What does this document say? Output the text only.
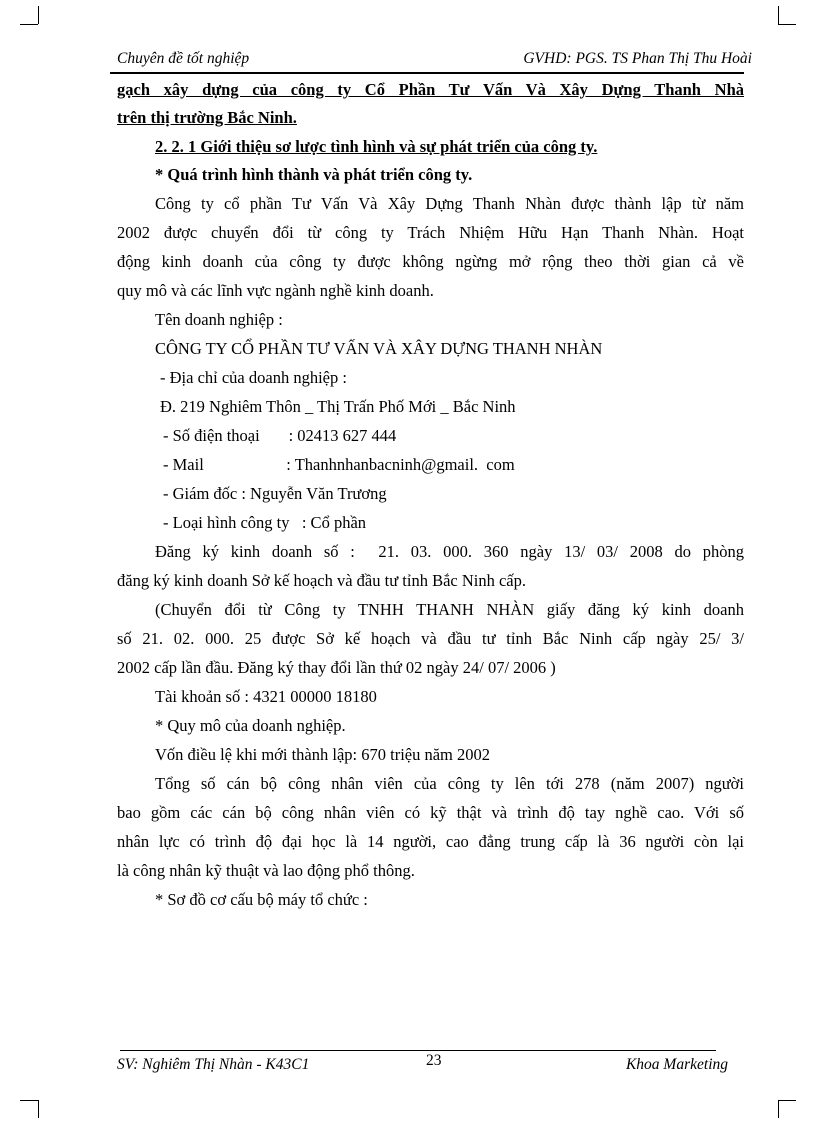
Chuyên đề tốt nghiệp	GVHD: PGS. TS Phan Thị Thu Hoài
gạch xây dựng của công ty Cổ Phần Tư Vấn Và Xây Dựng Thanh Nhà
trên thị trường Bắc Ninh.
2. 2. 1 Giới thiệu sơ lược tình hình và sự phát triển của công ty.
* Quá trình hình thành và phát triển công ty.
Công ty cổ phần Tư Vấn Và Xây Dựng Thanh Nhàn được thành lập từ năm
2002 được chuyển đổi từ công ty Trách Nhiệm Hữu Hạn Thanh Nhàn. Hoạt
động kinh doanh của công ty được không ngừng mở rộng theo thời gian cả về
quy mô và các lĩnh vực ngành nghề kinh doanh.
Tên doanh nghiệp :
CÔNG TY CỔ PHẦN TƯ VẤN VÀ XÂY DỰNG THANH NHÀN
- Địa chỉ của doanh nghiệp :
Đ. 219 Nghiêm Thôn _ Thị Trấn Phố Mới _ Bắc Ninh
- Số điện thoại       : 02413 627 444
- Mail                    : Thanhnhanbacninh@gmail.  com
- Giám đốc : Nguyễn Văn Trương
- Loại hình công ty   : Cổ phần
Đăng ký kinh doanh số :  21. 03. 000. 360 ngày 13/ 03/ 2008 do phòng
đăng ký kinh doanh Sở kế hoạch và đầu tư tỉnh Bắc Ninh cấp.
(Chuyển đổi từ Công ty TNHH THANH NHÀN giấy đăng ký kinh doanh
số 21. 02. 000. 25 được Sở kế hoạch và đầu tư tỉnh Bắc Ninh cấp ngày 25/ 3/
2002 cấp lần đầu. Đăng ký thay đổi lần thứ 02 ngày 24/ 07/ 2006 )
Tài khoản số : 4321 00000 18180
* Quy mô của doanh nghiệp.
Vốn điều lệ khi mới thành lập: 670 triệu năm 2002
Tổng số cán bộ công nhân viên của công ty lên tới 278 (năm 2007) người
bao gồm các cán bộ công nhân viên có kỹ thật và trình độ tay nghề cao. Với số
nhân lực có trình độ đại học là 14 người, cao đẳng trung cấp là 36 người còn lại
là công nhân kỹ thuật và lao động phổ thông.
* Sơ đồ cơ cấu bộ máy tổ chức :
SV: Nghiêm Thị Nhàn - K43C1	23	Khoa Marketing
